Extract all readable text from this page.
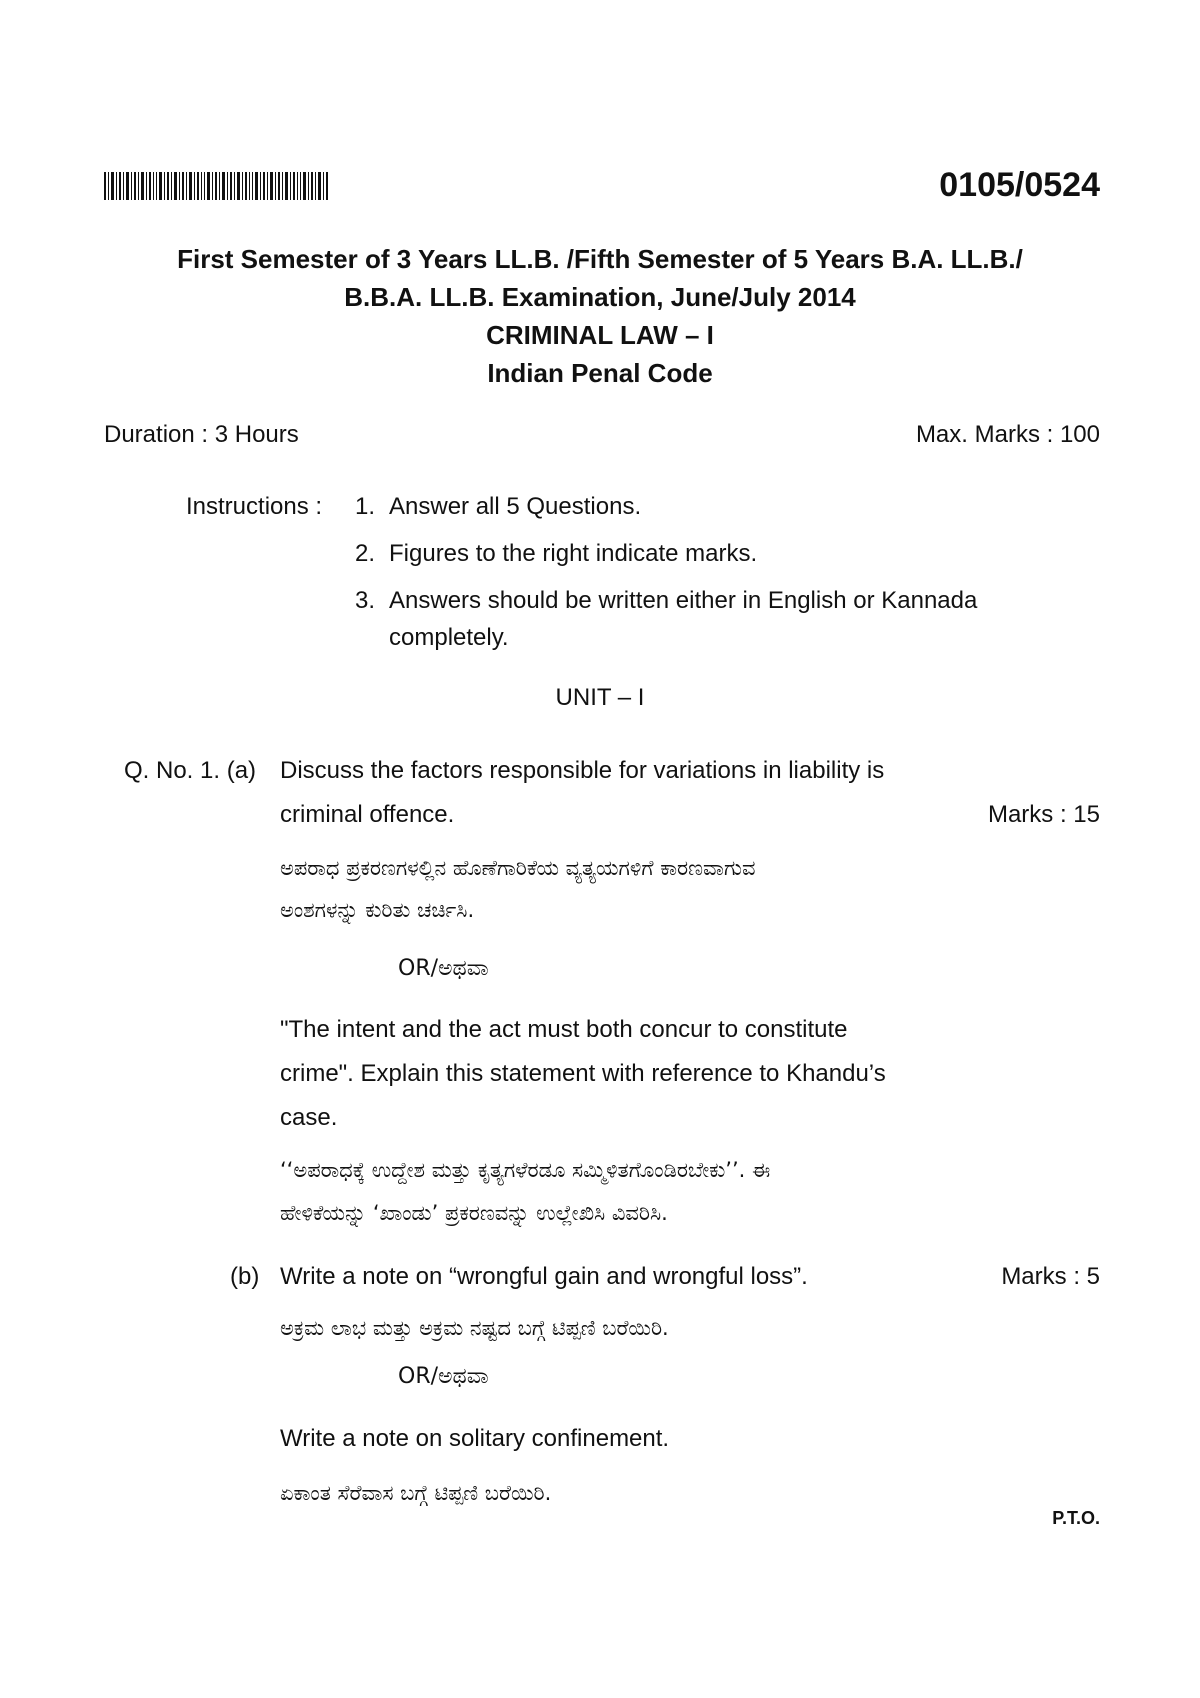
0105/0524
First Semester of 3 Years LL.B. /Fifth Semester of 5 Years B.A. LL.B./
B.B.A. LL.B. Examination, June/July 2014
CRIMINAL LAW – I
Indian Penal Code
Duration : 3 Hours	Max. Marks : 100
Instructions : 1. Answer all 5 Questions.
2. Figures to the right indicate marks.
3. Answers should be written either in English or Kannada
completely.
UNIT – I
Q. No. 1. (a) Discuss the factors responsible for variations in liability is
criminal offence.	Marks : 15
ಅಪರಾಧ ಪ್ರಕರಣಗಳಲ್ಲಿನ ಹೊಣೆಗಾರಿಕೆಯ ವ್ಯತ್ಯಯಗಳಿಗೆ ಕಾರಣವಾಗುವ
ಅಂಶಗಳನ್ನು ಕುರಿತು ಚರ್ಚಿಸಿ.
OR/ಅಥವಾ
"The intent and the act must both concur to constitute
crime". Explain this statement with reference to Khandu’s
case.
‘‘ಅಪರಾಧಕ್ಕೆ ಉದ್ದೇಶ ಮತ್ತು ಕೃತ್ಯಗಳೆರಡೂ ಸಮ್ಮಿಳಿತಗೊಂಡಿರಬೇಕು’’. ಈ
ಹೇಳಿಕೆಯನ್ನು ‘ಖಾಂಡು’ ಪ್ರಕರಣವನ್ನು ಉಲ್ಲೇಖಿಸಿ ವಿವರಿಸಿ.
(b) Write a note on “wrongful gain and wrongful loss”.	Marks : 5
ಅಕ್ರಮ ಲಾಭ ಮತ್ತು ಅಕ್ರಮ ನಷ್ಟದ ಬಗ್ಗೆ ಟಿಪ್ಪಣಿ ಬರೆಯಿರಿ.
OR/ಅಥವಾ
Write a note on solitary confinement.
ಏಕಾಂತ ಸೆರೆವಾಸ ಬಗ್ಗೆ ಟಿಪ್ಪಣಿ ಬರೆಯಿರಿ.
P.T.O.
